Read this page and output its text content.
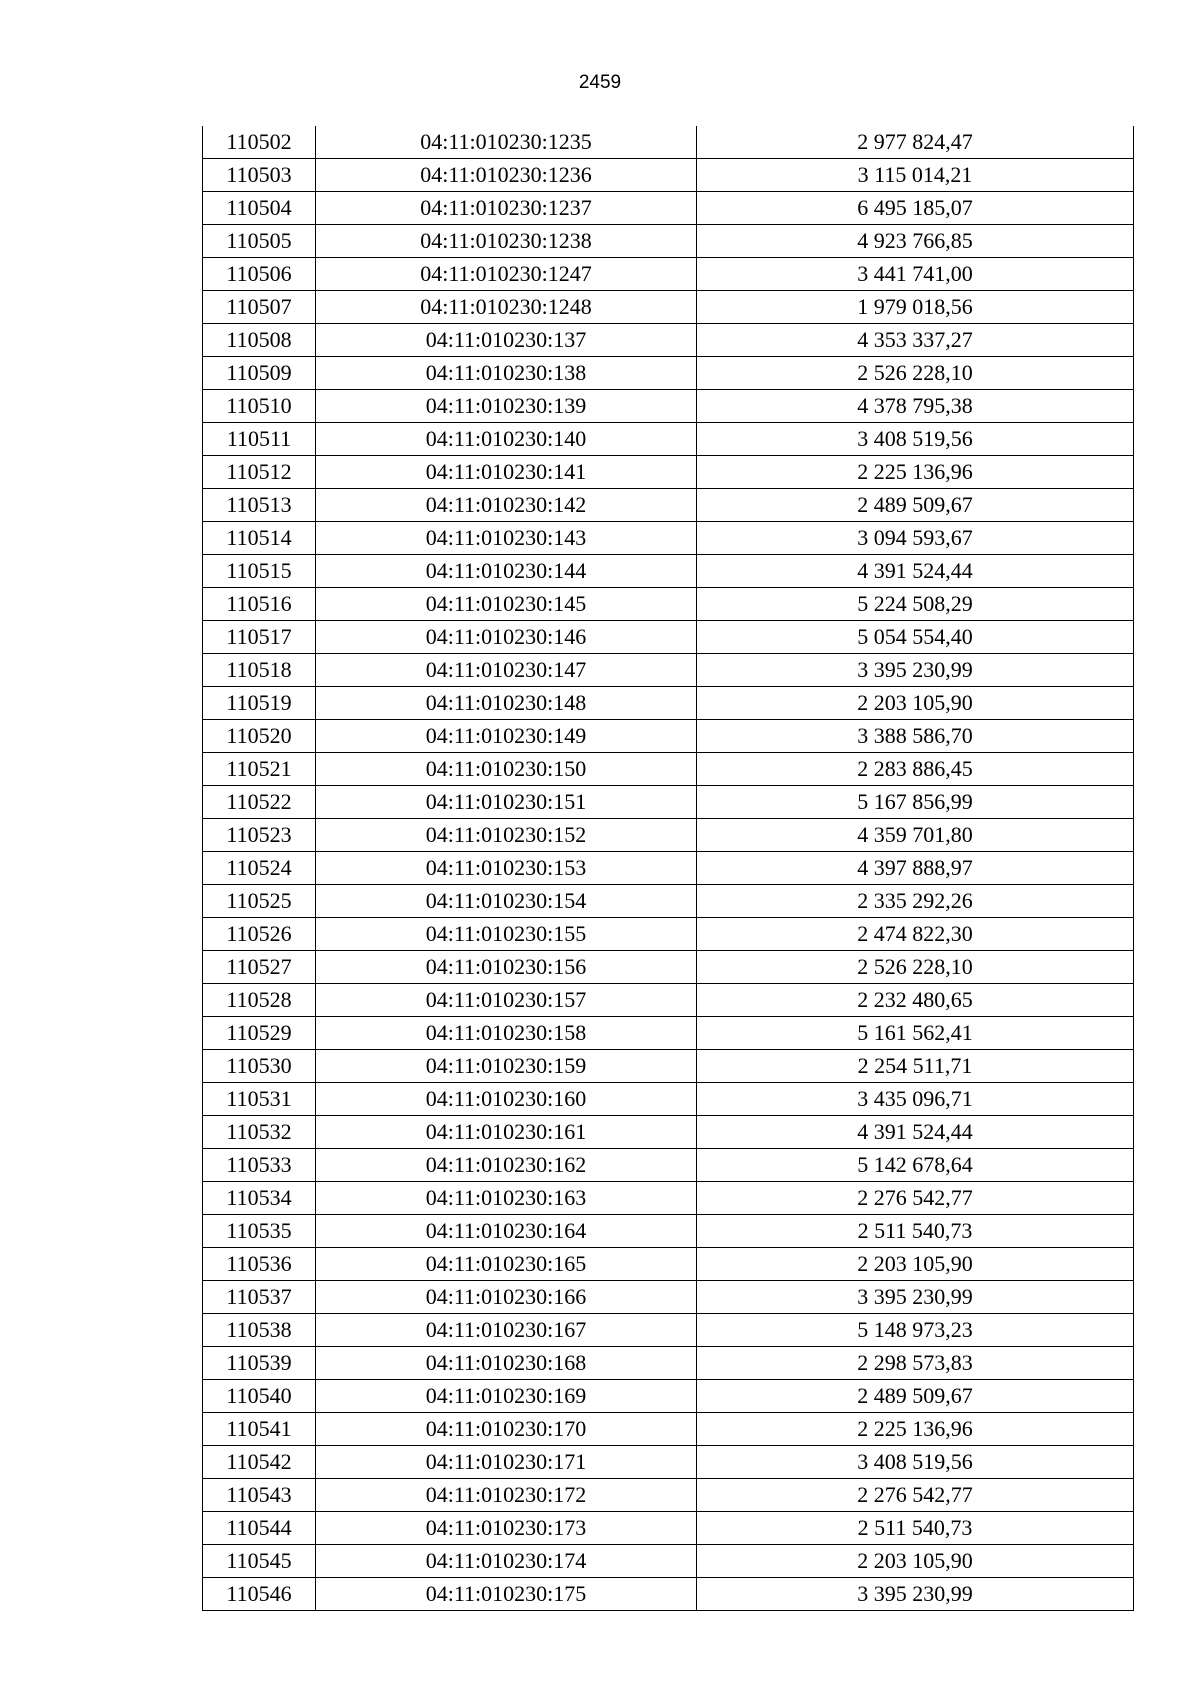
2459
110502	04:11:010230:1235	2 977 824,47
110503	04:11:010230:1236	3 115 014,21
110504	04:11:010230:1237	6 495 185,07
110505	04:11:010230:1238	4 923 766,85
110506	04:11:010230:1247	3 441 741,00
110507	04:11:010230:1248	1 979 018,56
110508	04:11:010230:137	4 353 337,27
110509	04:11:010230:138	2 526 228,10
110510	04:11:010230:139	4 378 795,38
110511	04:11:010230:140	3 408 519,56
110512	04:11:010230:141	2 225 136,96
110513	04:11:010230:142	2 489 509,67
110514	04:11:010230:143	3 094 593,67
110515	04:11:010230:144	4 391 524,44
110516	04:11:010230:145	5 224 508,29
110517	04:11:010230:146	5 054 554,40
110518	04:11:010230:147	3 395 230,99
110519	04:11:010230:148	2 203 105,90
110520	04:11:010230:149	3 388 586,70
110521	04:11:010230:150	2 283 886,45
110522	04:11:010230:151	5 167 856,99
110523	04:11:010230:152	4 359 701,80
110524	04:11:010230:153	4 397 888,97
110525	04:11:010230:154	2 335 292,26
110526	04:11:010230:155	2 474 822,30
110527	04:11:010230:156	2 526 228,10
110528	04:11:010230:157	2 232 480,65
110529	04:11:010230:158	5 161 562,41
110530	04:11:010230:159	2 254 511,71
110531	04:11:010230:160	3 435 096,71
110532	04:11:010230:161	4 391 524,44
110533	04:11:010230:162	5 142 678,64
110534	04:11:010230:163	2 276 542,77
110535	04:11:010230:164	2 511 540,73
110536	04:11:010230:165	2 203 105,90
110537	04:11:010230:166	3 395 230,99
110538	04:11:010230:167	5 148 973,23
110539	04:11:010230:168	2 298 573,83
110540	04:11:010230:169	2 489 509,67
110541	04:11:010230:170	2 225 136,96
110542	04:11:010230:171	3 408 519,56
110543	04:11:010230:172	2 276 542,77
110544	04:11:010230:173	2 511 540,73
110545	04:11:010230:174	2 203 105,90
110546	04:11:010230:175	3 395 230,99
